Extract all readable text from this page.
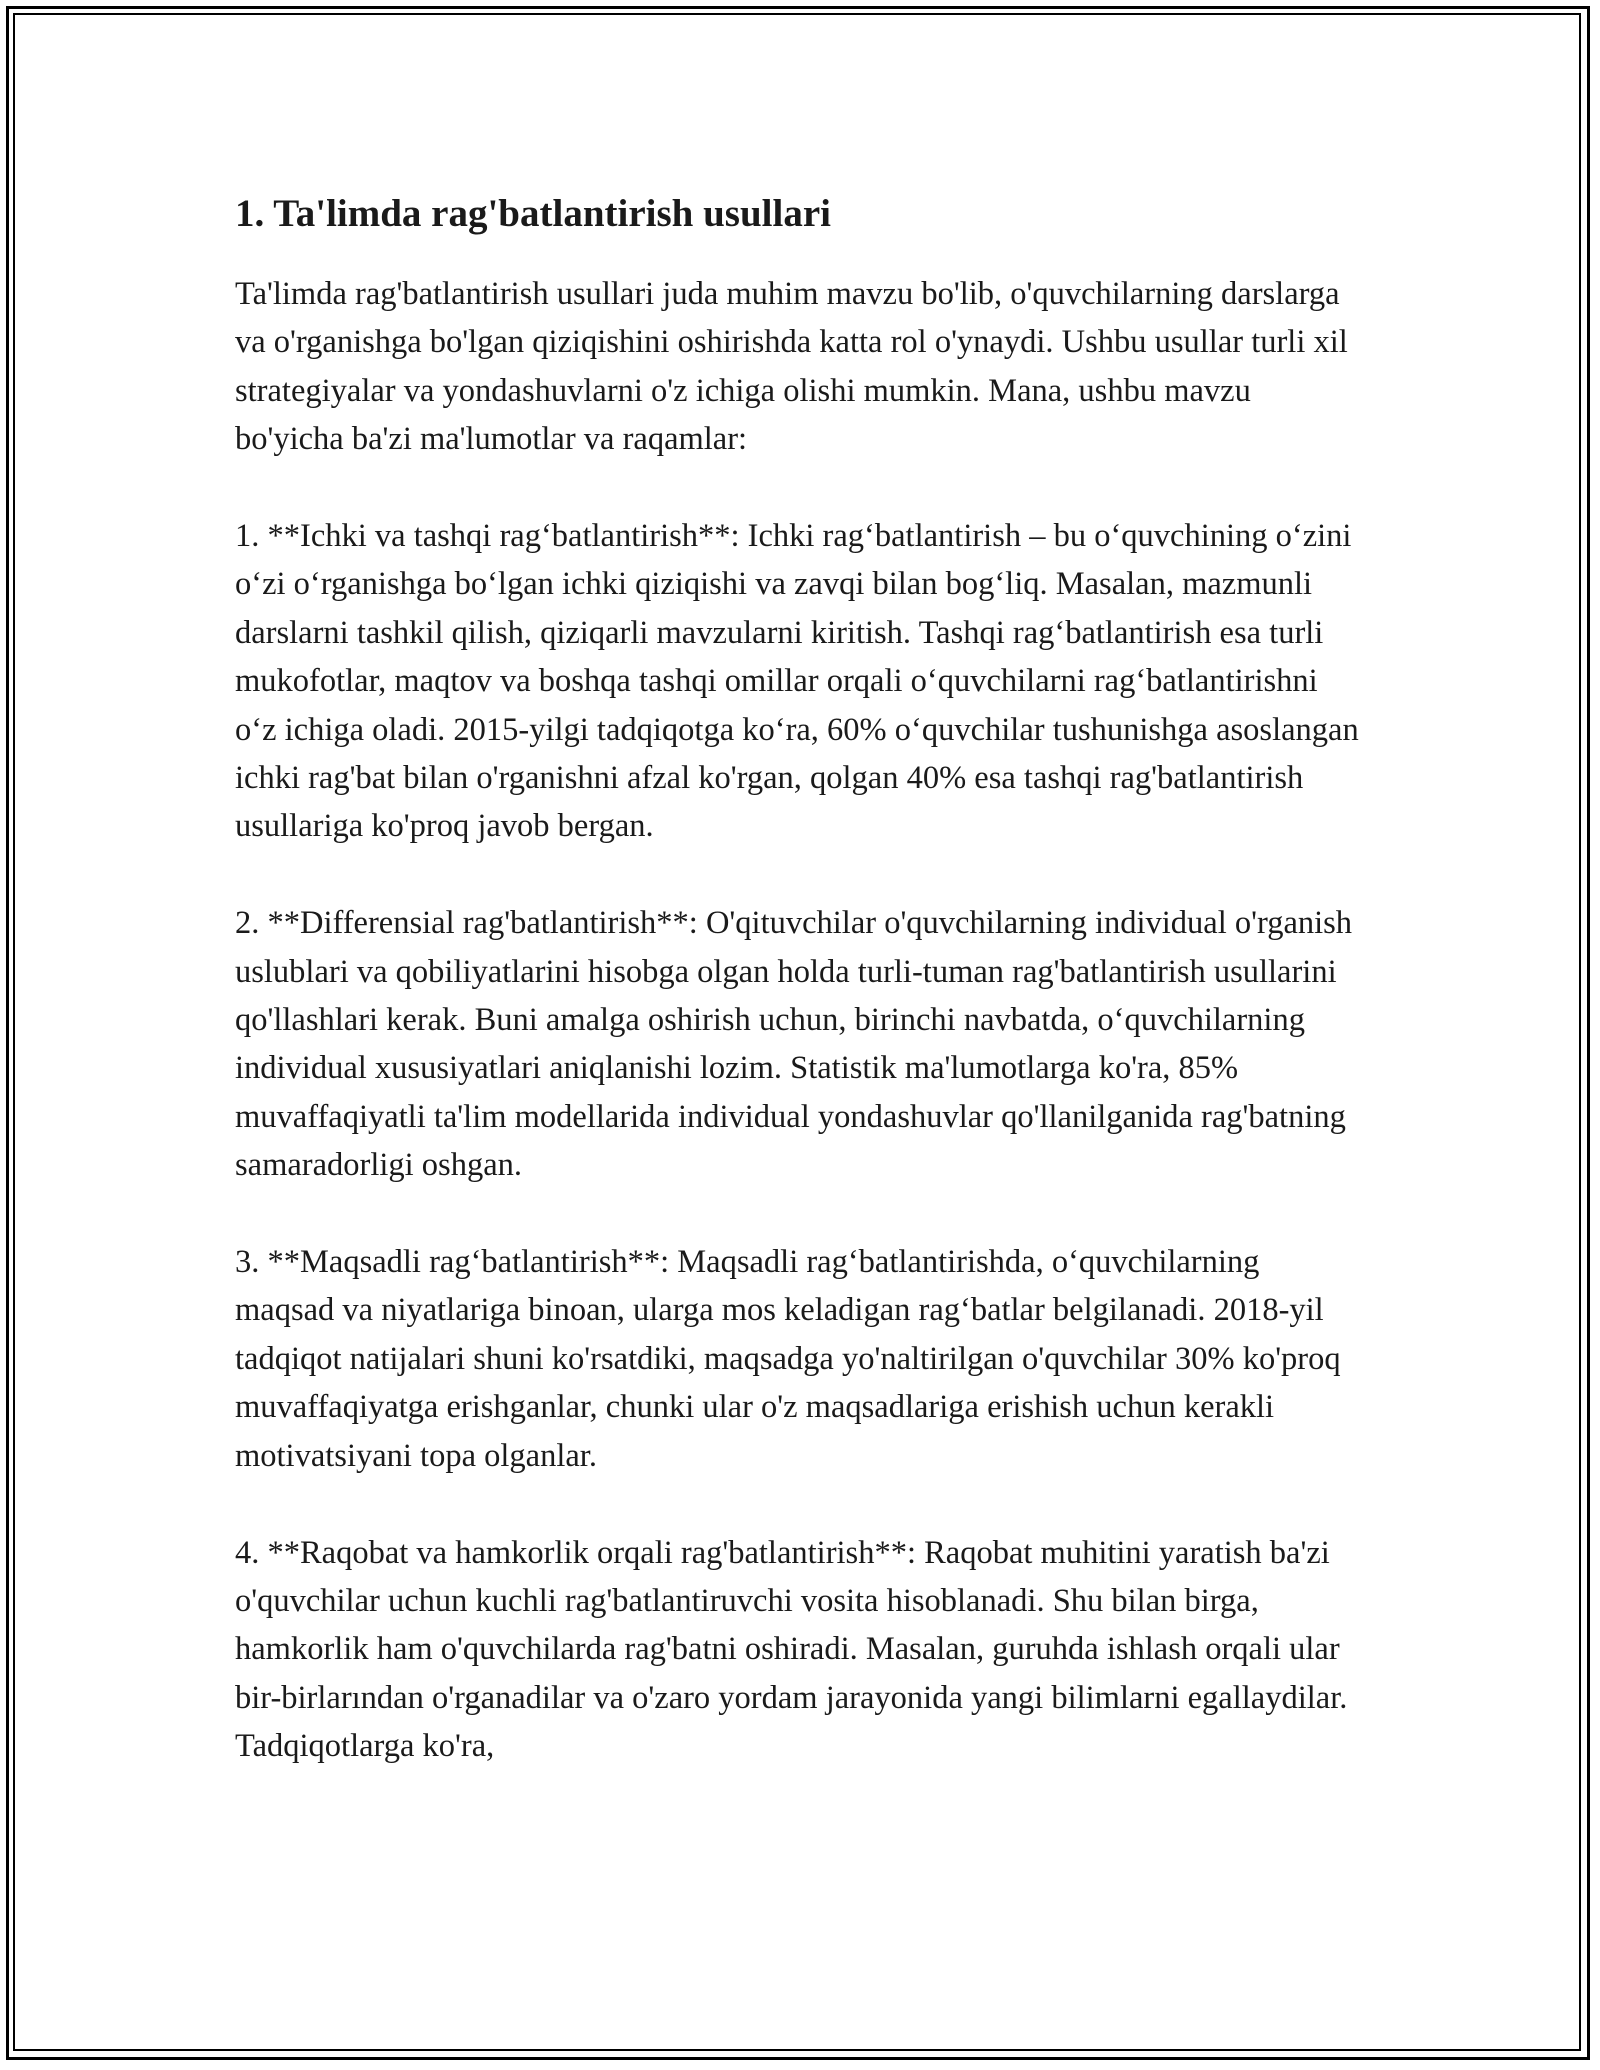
1. Ta'limda rag'batlantirish usullari

Ta'limda rag'batlantirish usullari juda muhim mavzu bo'lib, o'quvchilarning darslarga va o'rganishga bo'lgan qiziqishini oshirishda katta rol o'ynaydi. Ushbu usullar turli xil strategiyalar va yondashuvlarni o'z ichiga olishi mumkin. Mana, ushbu mavzu bo'yicha ba'zi ma'lumotlar va raqamlar:

1. **Ichki va tashqi rag‘batlantirish**: Ichki rag‘batlantirish – bu o‘quvchining o‘zini o‘zi o‘rganishga bo‘lgan ichki qiziqishi va zavqi bilan bog‘liq. Masalan, mazmunli darslarni tashkil qilish, qiziqarli mavzularni kiritish. Tashqi rag‘batlantirish esa turli mukofotlar, maqtov va boshqa tashqi omillar orqali o‘quvchilarni rag‘batlantirishni o‘z ichiga oladi. 2015-yilgi tadqiqotga ko‘ra, 60% o‘quvchilar tushunishga asoslangan ichki rag'bat bilan o'rganishni afzal ko'rgan, qolgan 40% esa tashqi rag'batlantirish usullariga ko'proq javob bergan.

2. **Differensial rag'batlantirish**: O'qituvchilar o'quvchilarning individual o'rganish uslublari va qobiliyatlarini hisobga olgan holda turli-tuman rag'batlantirish usullarini qo'llashlari kerak. Buni amalga oshirish uchun, birinchi navbatda, o‘quvchilarning individual xususiyatlari aniqlanishi lozim. Statistik ma'lumotlarga ko'ra, 85% muvaffaqiyatli ta'lim modellarida individual yondashuvlar qo'llanilganida rag'batning samaradorligi oshgan.

3. **Maqsadli rag‘batlantirish**: Maqsadli rag‘batlantirishda, o‘quvchilarning maqsad va niyatlariga binoan, ularga mos keladigan rag‘batlar belgilanadi. 2018-yil tadqiqot natijalari shuni ko'rsatdiki, maqsadga yo'naltirilgan o'quvchilar 30% ko'proq muvaffaqiyatga erishganlar, chunki ular o'z maqsadlariga erishish uchun kerakli motivatsiyani topa olganlar.

4. **Raqobat va hamkorlik orqali rag'batlantirish**: Raqobat muhitini yaratish ba'zi o'quvchilar uchun kuchli rag'batlantiruvchi vosita hisoblanadi. Shu bilan birga, hamkorlik ham o'quvchilarda rag'batni oshiradi. Masalan, guruhda ishlash orqali ular bir-birlarından o'rganadilar va o'zaro yordam jarayonida yangi bilimlarni egallaydilar. Tadqiqotlarga ko'ra,
